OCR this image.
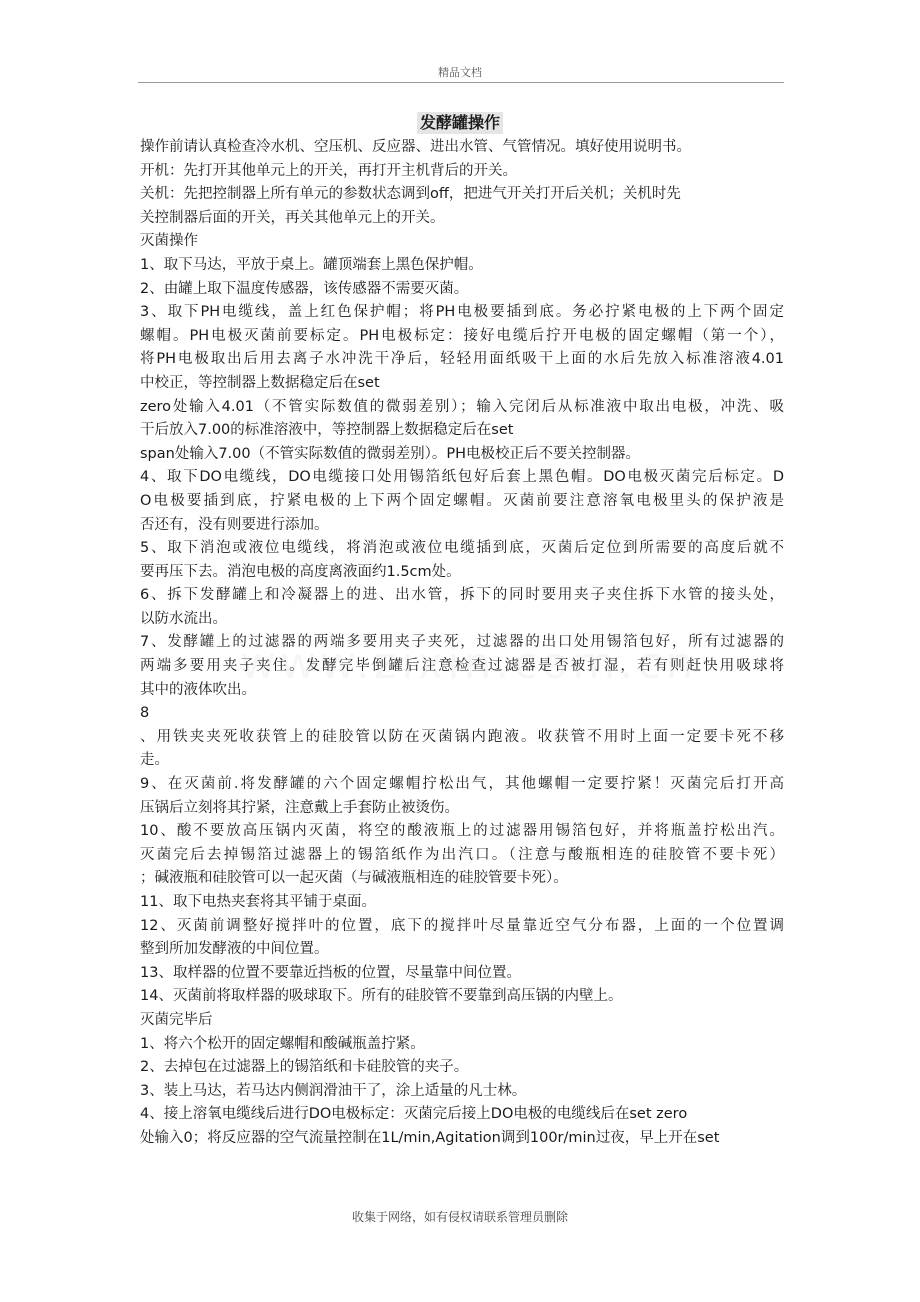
精品文档
发酵罐操作
操作前请认真检查冷水机、空压机、反应器、进出水管、气管情况。填好使用说明书。
开机：先打开其他单元上的开关，再打开主机背后的开关。
关机：先把控制器上所有单元的参数状态调到off，把进气开关打开后关机；关机时先
关控制器后面的开关，再关其他单元上的开关。
灭菌操作
1、取下马达，平放于桌上。罐顶端套上黑色保护帽。
2、由罐上取下温度传感器，该传感器不需要灭菌。
3、取下PH电缆线，盖上红色保护帽；将PH电极要插到底。务必拧紧电极的上下两个固定
螺帽。PH电极灭菌前要标定。PH电极标定：接好电缆后拧开电极的固定螺帽（第一个），
将PH电极取出后用去离子水冲洗干净后，轻轻用面纸吸干上面的水后先放入标准溶液4.01
中校正，等控制器上数据稳定后在set
zero处输入4.01（不管实际数值的微弱差别）；输入完闭后从标准液中取出电极，冲洗、吸
干后放入7.00的标准溶液中，等控制器上数据稳定后在set
span处输入7.00（不管实际数值的微弱差别）。PH电极校正后不要关控制器。
4、取下DO电缆线，DO电缆接口处用锡箔纸包好后套上黑色帽。DO电极灭菌完后标定。D
O电极要插到底，拧紧电极的上下两个固定螺帽。灭菌前要注意溶氧电极里头的保护液是
否还有，没有则要进行添加。
5、取下消泡或液位电缆线，将消泡或液位电缆插到底，灭菌后定位到所需要的高度后就不
要再压下去。消泡电极的高度离液面约1.5cm处。
6、拆下发酵罐上和冷凝器上的进、出水管，拆下的同时要用夹子夹住拆下水管的接头处，
以防水流出。
7、发酵罐上的过滤器的两端多要用夹子夹死，过滤器的出口处用锡箔包好，所有过滤器的
两端多要用夹子夹住。发酵完毕倒罐后注意检查过滤器是否被打湿，若有则赶快用吸球将
其中的液体吹出。
8
、用铁夹夹死收获管上的硅胶管以防在灭菌锅内跑液。收获管不用时上面一定要卡死不移
走。
9、在灭菌前.将发酵罐的六个固定螺帽拧松出气，其他螺帽一定要拧紧！灭菌完后打开高
压锅后立刻将其拧紧，注意戴上手套防止被烫伤。
10、酸不要放高压锅内灭菌，将空的酸液瓶上的过滤器用锡箔包好，并将瓶盖拧松出汽。
灭菌完后去掉锡箔过滤器上的锡箔纸作为出汽口。（注意与酸瓶相连的硅胶管不要卡死）
；碱液瓶和硅胶管可以一起灭菌（与碱液瓶相连的硅胶管要卡死）。
11、取下电热夹套将其平铺于桌面。
12、灭菌前调整好搅拌叶的位置，底下的搅拌叶尽量靠近空气分布器，上面的一个位置调
整到所加发酵液的中间位置。
13、取样器的位置不要靠近挡板的位置，尽量靠中间位置。
14、灭菌前将取样器的吸球取下。所有的硅胶管不要靠到高压锅的内壁上。
灭菌完毕后
1、将六个松开的固定螺帽和酸碱瓶盖拧紧。
2、去掉包在过滤器上的锡箔纸和卡硅胶管的夹子。
3、装上马达，若马达内侧润滑油干了，涂上适量的凡士林。
4、接上溶氧电缆线后进行DO电极标定：灭菌完后接上DO电极的电缆线后在set zero
处输入0；将反应器的空气流量控制在1L/min,Agitation调到100r/min过夜，早上开在set
收集于网络，如有侵权请联系管理员删除
